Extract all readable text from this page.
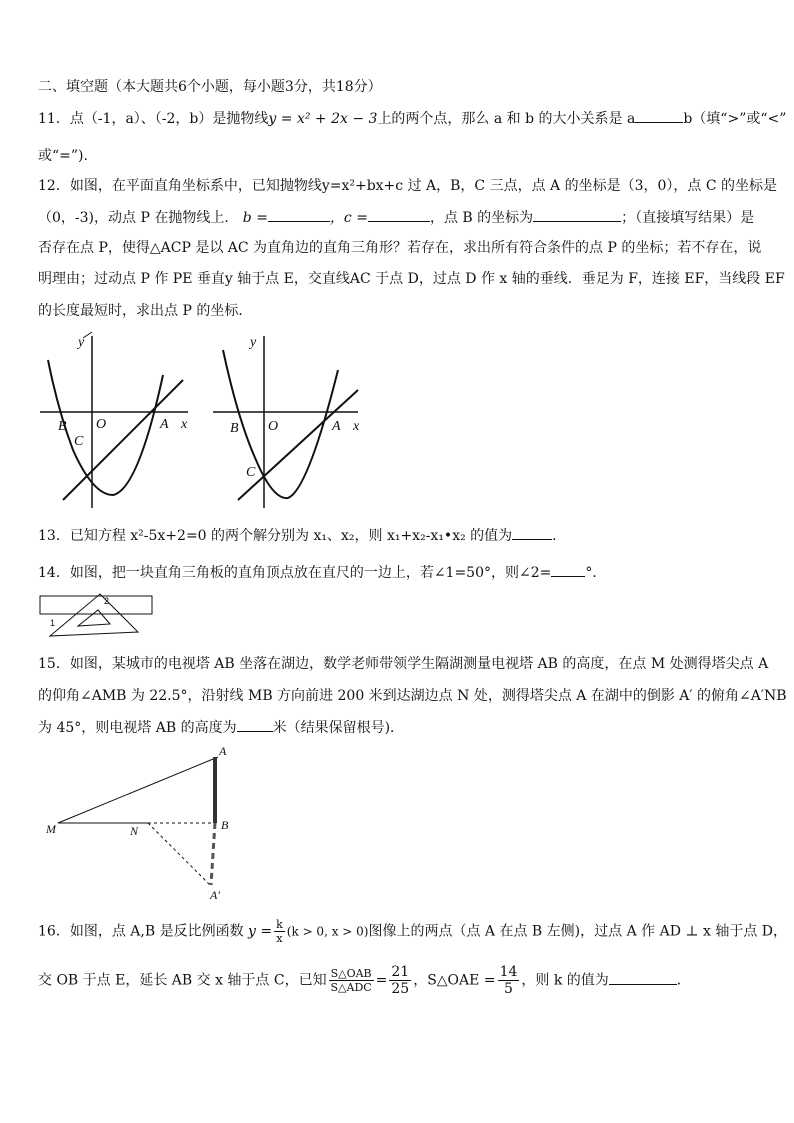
二、填空题（本大题共6个小题，每小题3分，共18分）
11．点（-1，a）、（-2，b）是抛物线y = x² + 2x − 3上的两个点，那么 a 和 b 的大小关系是 a	b（填“>”或“<”
或“=”).
12．如图，在平面直角坐标系中，已知抛物线y=x²+bx+c 过 A，B，C 三点，点 A 的坐标是（3，0），点 C 的坐标是
（0，-3)，动点 P 在抛物线上． b =	，c =	，点 B 的坐标为	；（直接填写结果）是
否存在点 P，使得△ACP 是以 AC 为直角边的直角三角形？若存在，求出所有符合条件的点 P 的坐标；若不存在，说
明理由；过动点 P 作 PE 垂直y 轴于点 E，交直线AC 于点 D，过点 D 作 x 轴的垂线．垂足为 F，连接 EF，当线段 EF
的长度最短时，求出点 P 的坐标．
y
B O	A x
C
y
B O	A x
C
13．已知方程 x²-5x+2=0 的两个解分别为 x₁、x₂，则 x₁+x₂-x₁•x₂ 的值为	．
14．如图，把一块直角三角板的直角顶点放在直尺的一边上，若∠1=50°，则∠2= °．
1
2
15．如图，某城市的电视塔 AB 坐落在湖边，数学老师带领学生隔湖测量电视塔 AB 的高度，在点 M 处测得塔尖点 A
的仰角∠AMB 为 22.5°，沿射线 MB 方向前进 200 米到达湖边点 N 处，测得塔尖点 A 在湖中的倒影 A′ 的俯角∠A′NB
为 45°，则电视塔 AB 的高度为	米（结果保留根号)．
A
M	N	B
A′
16．如图，点 A,B 是反比例函数 $y = \frac{k}{x} (k > 0$, x > 0)图像上的两点（点 A 在点 B 左侧)，过点 A 作 AD ⊥ x 轴于点 D，
交 OB 于点 E，延长 AB 交 x 轴于点 C，已知 $\frac{\text{S△OAB}}{\text{S△ADC}} = \frac{21}{25}$ ，S△OAE = $\frac{14}{5}$ ，则 k 的值为	．
